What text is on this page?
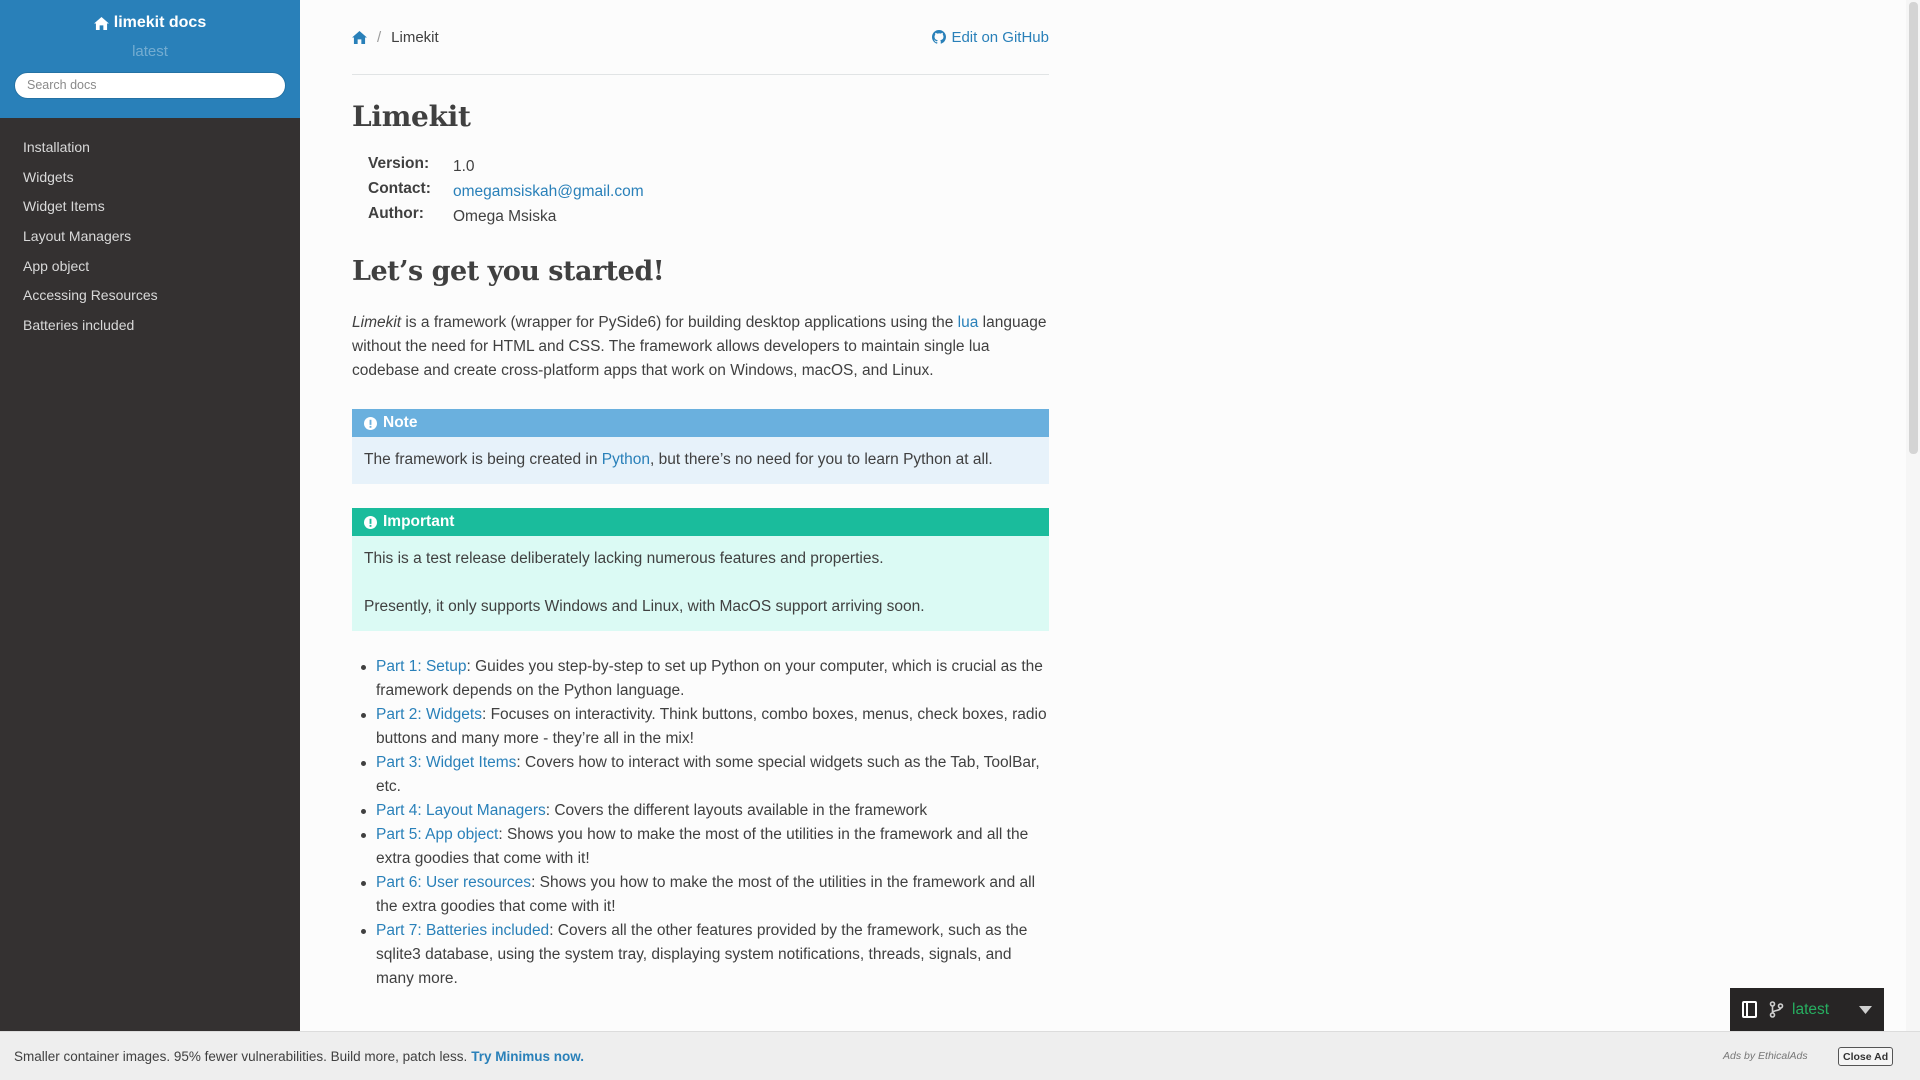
limekit docs
latest
Search docs
Installation
Widgets
Widget Items
Layout Managers
App object
Accessing Resources
Batteries included
/ Limekit	Edit on GitHub
Limekit
Version:	1.0
Contact:	omegamsiskah@gmail.com
Author:	Omega Msiska
Let’s get you started!

Limekit is a framework (wrapper for PySide6) for building desktop applications using the lua language without the need for HTML and CSS. The framework allows developers to maintain single lua codebase and create cross-platform apps that work on Windows, macOS, and Linux.

Note
The framework is being created in Python, but there’s no need for you to learn Python at all.
Important

This is a test release deliberately lacking numerous features and properties.

Presently, it only supports Windows and Linux, with MacOS support arriving soon.

Part 1: Setup: Guides you step-by-step to set up Python on your computer, which is crucial as the framework depends on the Python language.
Part 2: Widgets: Focuses on interactivity. Think buttons, combo boxes, menus, check boxes, radio buttons and many more - they’re all in the mix!
Part 3: Widget Items: Covers how to interact with some special widgets such as the Tab, ToolBar, etc.
Part 4: Layout Managers: Covers the different layouts available in the framework
Part 5: App object: Shows you how to make the most of the utilities in the framework and all the extra goodies that come with it!
Part 6: User resources: Shows you how to make the most of the utilities in the framework and all the extra goodies that come with it!
Part 7: Batteries included: Covers all the other features provided by the framework, such as the sqlite3 database, using the system tray, displaying system notifications, threads, signals, and many more.
latest
Smaller container images. 95% fewer vulnerabilities. Build more, patch less. Try Minimus now.	Ads by EthicalAds	Close Ad
